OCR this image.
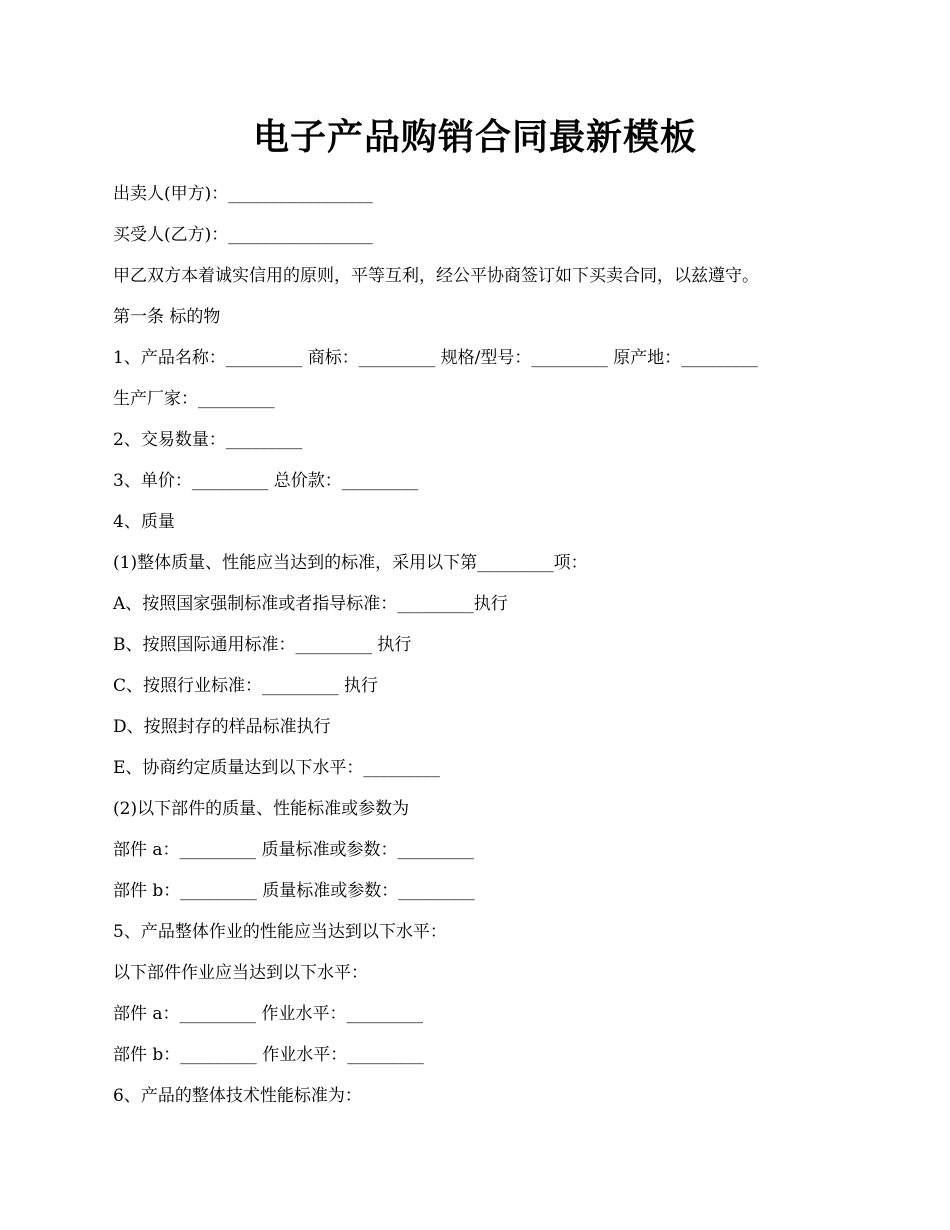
电子产品购销合同最新模板
出卖人(甲方)：_________________
买受人(乙方)：_________________
甲乙双方本着诚实信用的原则，平等互利，经公平协商签订如下买卖合同，以兹遵守。
第一条 标的物
1、产品名称：_________ 商标：_________ 规格/型号：_________ 原产地：_________
生产厂家：_________
2、交易数量：_________
3、单价：_________ 总价款：_________
4、质量
(1)整体质量、性能应当达到的标准，采用以下第_________项：
A、按照国家强制标准或者指导标准：_________执行
B、按照国际通用标准：_________ 执行
C、按照行业标准：_________ 执行
D、按照封存的样品标准执行
E、协商约定质量达到以下水平：_________
(2)以下部件的质量、性能标准或参数为
部件 a：_________ 质量标准或参数：_________
部件 b：_________ 质量标准或参数：_________
5、产品整体作业的性能应当达到以下水平：
以下部件作业应当达到以下水平：
部件 a：_________ 作业水平：_________
部件 b：_________ 作业水平：_________
6、产品的整体技术性能标准为：
